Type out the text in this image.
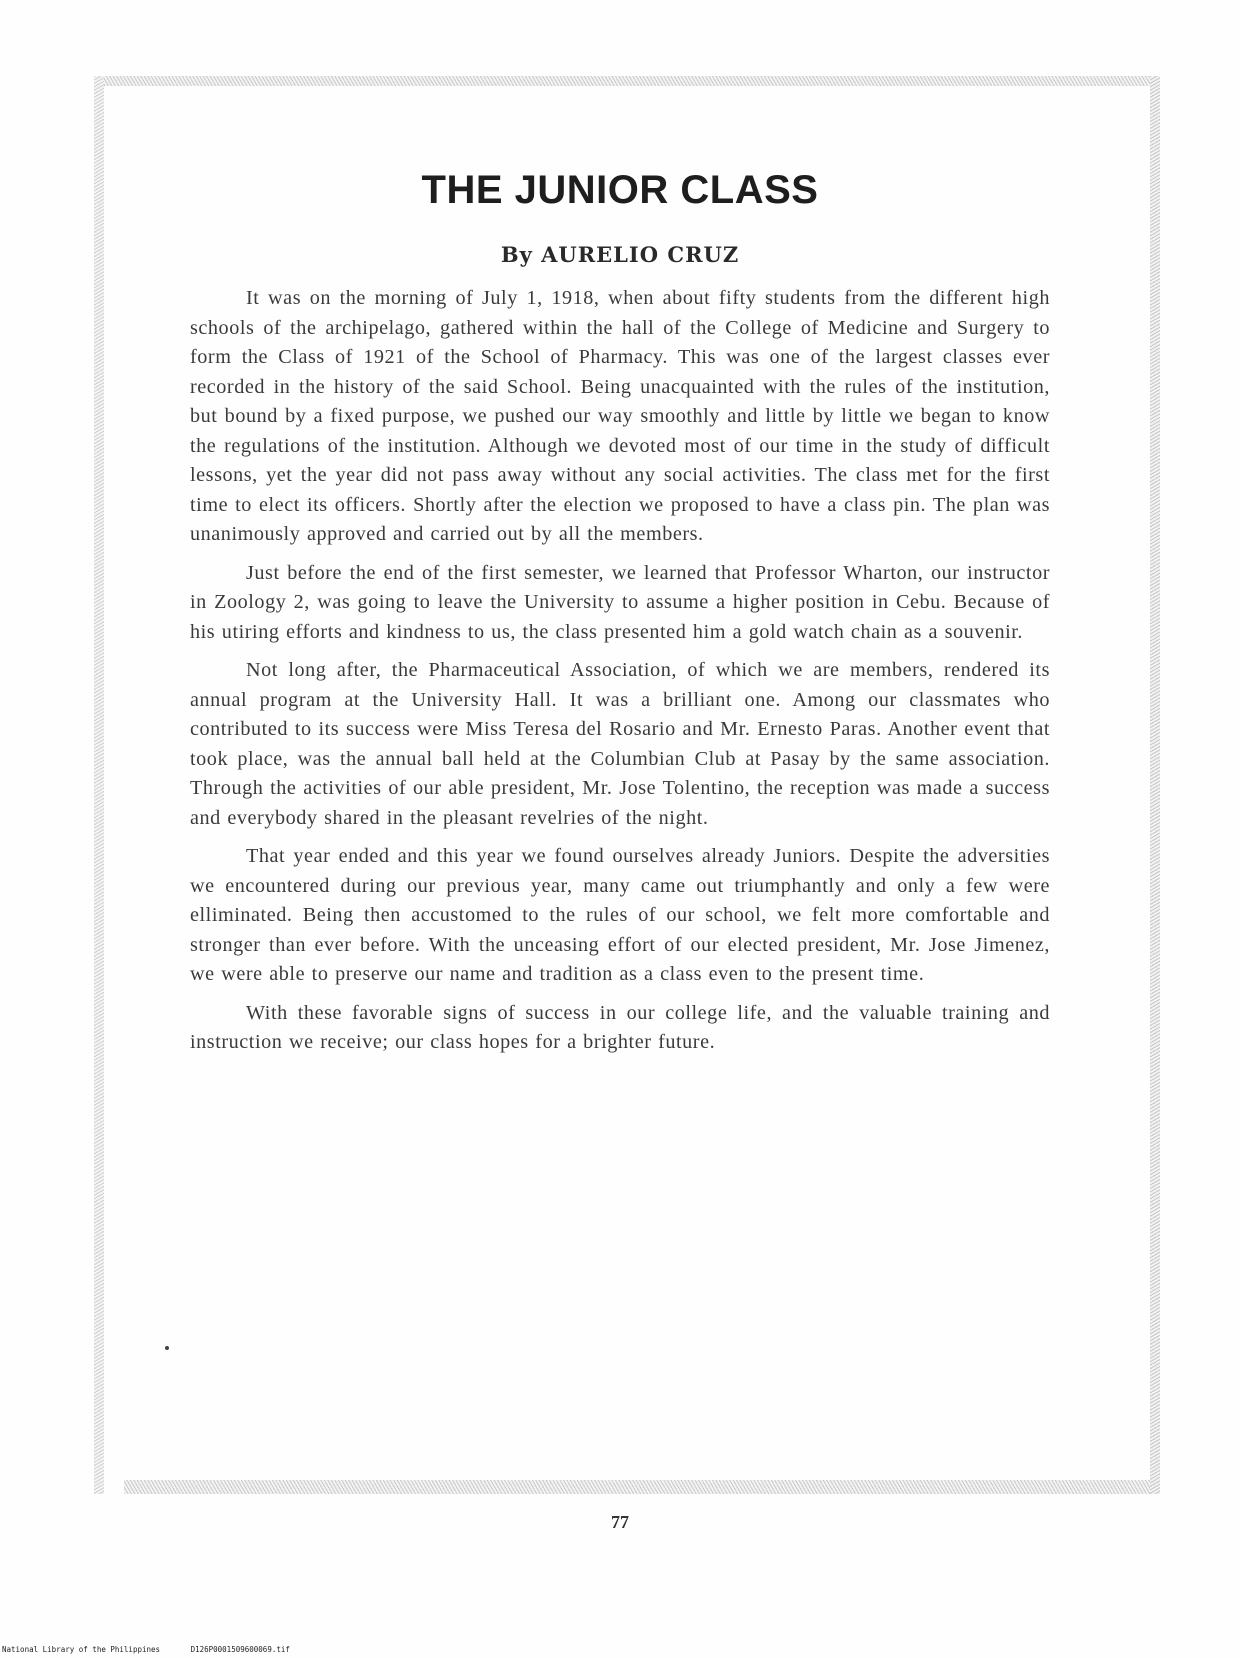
THE JUNIOR CLASS
By AURELIO CRUZ

It was on the morning of July 1, 1918, when about fifty students from the different high schools of the archipelago, gathered within the hall of the College of Medicine and Surgery to form the Class of 1921 of the School of Pharmacy. This was one of the largest classes ever recorded in the history of the said School. Being unacquainted with the rules of the institution, but bound by a fixed purpose, we pushed our way smoothly and little by little we began to know the regulations of the institution. Although we devoted most of our time in the study of difficult lessons, yet the year did not pass away without any social activities. The class met for the first time to elect its officers. Shortly after the election we proposed to have a class pin. The plan was unanimously approved and carried out by all the members.

Just before the end of the first semester, we learned that Professor Wharton, our instructor in Zoology 2, was going to leave the University to assume a higher position in Cebu. Because of his utiring efforts and kindness to us, the class presented him a gold watch chain as a souvenir.

Not long after, the Pharmaceutical Association, of which we are members, rendered its annual program at the University Hall. It was a brilliant one. Among our classmates who contributed to its success were Miss Teresa del Rosario and Mr. Ernesto Paras. Another event that took place, was the annual ball held at the Columbian Club at Pasay by the same association. Through the activities of our able president, Mr. Jose Tolentino, the reception was made a success and everybody shared in the pleasant revelries of the night.

That year ended and this year we found ourselves already Juniors. Despite the adversities we encountered during our previous year, many came out triumphantly and only a few were elliminated. Being then accustomed to the rules of our school, we felt more comfortable and stronger than ever before. With the unceasing effort of our elected president, Mr. Jose Jimenez, we were able to preserve our name and tradition as a class even to the present time.

With these favorable signs of success in our college life, and the valuable training and instruction we receive; our class hopes for a brighter future.

77
National Library of the Philippines	D126P0001509600069.tif
